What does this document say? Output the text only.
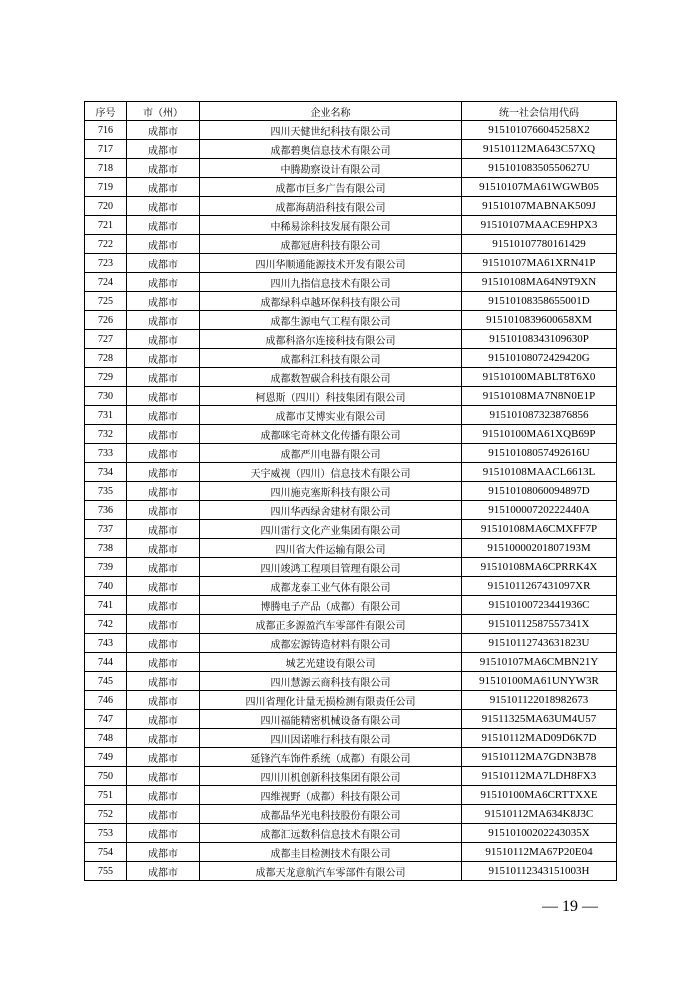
序号	市（州）	企业名称	统一社会信用代码
716	成都市	四川天健世纪科技有限公司	9151010766045258X2
717	成都市	成都碧奥信息技术有限公司	91510112MA643C57XQ
718	成都市	中腾勘察设计有限公司	91510108350550627U
719	成都市	成都市巨多广告有限公司	91510107MA61WGWB05
720	成都市	成都海葫沿科技有限公司	91510107MABNAK509J
721	成都市	中稀易涂科技发展有限公司	91510107MAACE9HPX3
722	成都市	成都冠唐科技有限公司	91510107780161429
723	成都市	四川华顺通能源技术开发有限公司	91510107MA61XRN41P
724	成都市	四川九指信息技术有限公司	91510108MA64N9T9XN
725	成都市	成都绿科卓越环保科技有限公司	91510108358655001D
726	成都市	成都生源电气工程有限公司	9151010839600658XM
727	成都市	成都科洛尔连接科技有限公司	91510108343109630P
728	成都市	成都科江科技有限公司	91510108072429420G
729	成都市	成都数智碳合科技有限公司	91510100MABLT8T6X0
730	成都市	柯恩斯（四川）科技集团有限公司	91510108MA7N8N0E1P
731	成都市	成都市艾博实业有限公司	915101087323876856
732	成都市	成都咪宅奇林文化传播有限公司	91510100MA61XQB69P
733	成都市	成都严川电器有限公司	91510108057492616U
734	成都市	天宇威视（四川）信息技术有限公司	91510108MAACL6613L
735	成都市	四川施克塞斯科技有限公司	91510108060094897D
736	成都市	四川华西绿舍建材有限公司	91510000720222440A
737	成都市	四川雷行文化产业集团有限公司	91510108MA6CMXFF7P
738	成都市	四川省大件运输有限公司	91510000201807193M
739	成都市	四川竣鸿工程项目管理有限公司	91510108MA6CPRRK4X
740	成都市	成都龙泰工业气体有限公司	9151011267431097XR
741	成都市	博腾电子产品（成都）有限公司	91510100723441936C
742	成都市	成都正多源盈汽车零部件有限公司	91510112587557341X
743	成都市	成都宏源铸造材料有限公司	91510112743631823U
744	成都市	城艺光建设有限公司	91510107MA6CMBN21Y
745	成都市	四川慧源云商科技有限公司	91510100MA61UNYW3R
746	成都市	四川省理化计量无损检测有限责任公司	915101122018982673
747	成都市	四川福能精密机械设备有限公司	91511325MA63UM4U57
748	成都市	四川因诺唯行科技有限公司	91510112MAD09D6K7D
749	成都市	延锋汽车饰件系统（成都）有限公司	91510112MA7GDN3B78
750	成都市	四川川机创新科技集团有限公司	91510112MA7LDH8FX3
751	成都市	四维视野（成都）科技有限公司	91510100MA6CRTTXXE
752	成都市	成都晶华光电科技股份有限公司	91510112MA634K8J3C
753	成都市	成都汇远数科信息技术有限公司	91510100202243035X
754	成都市	成都圭目检测技术有限公司	91510112MA67P20E04
755	成都市	成都天龙意航汽车零部件有限公司	91510112343151003H
— 19 —
